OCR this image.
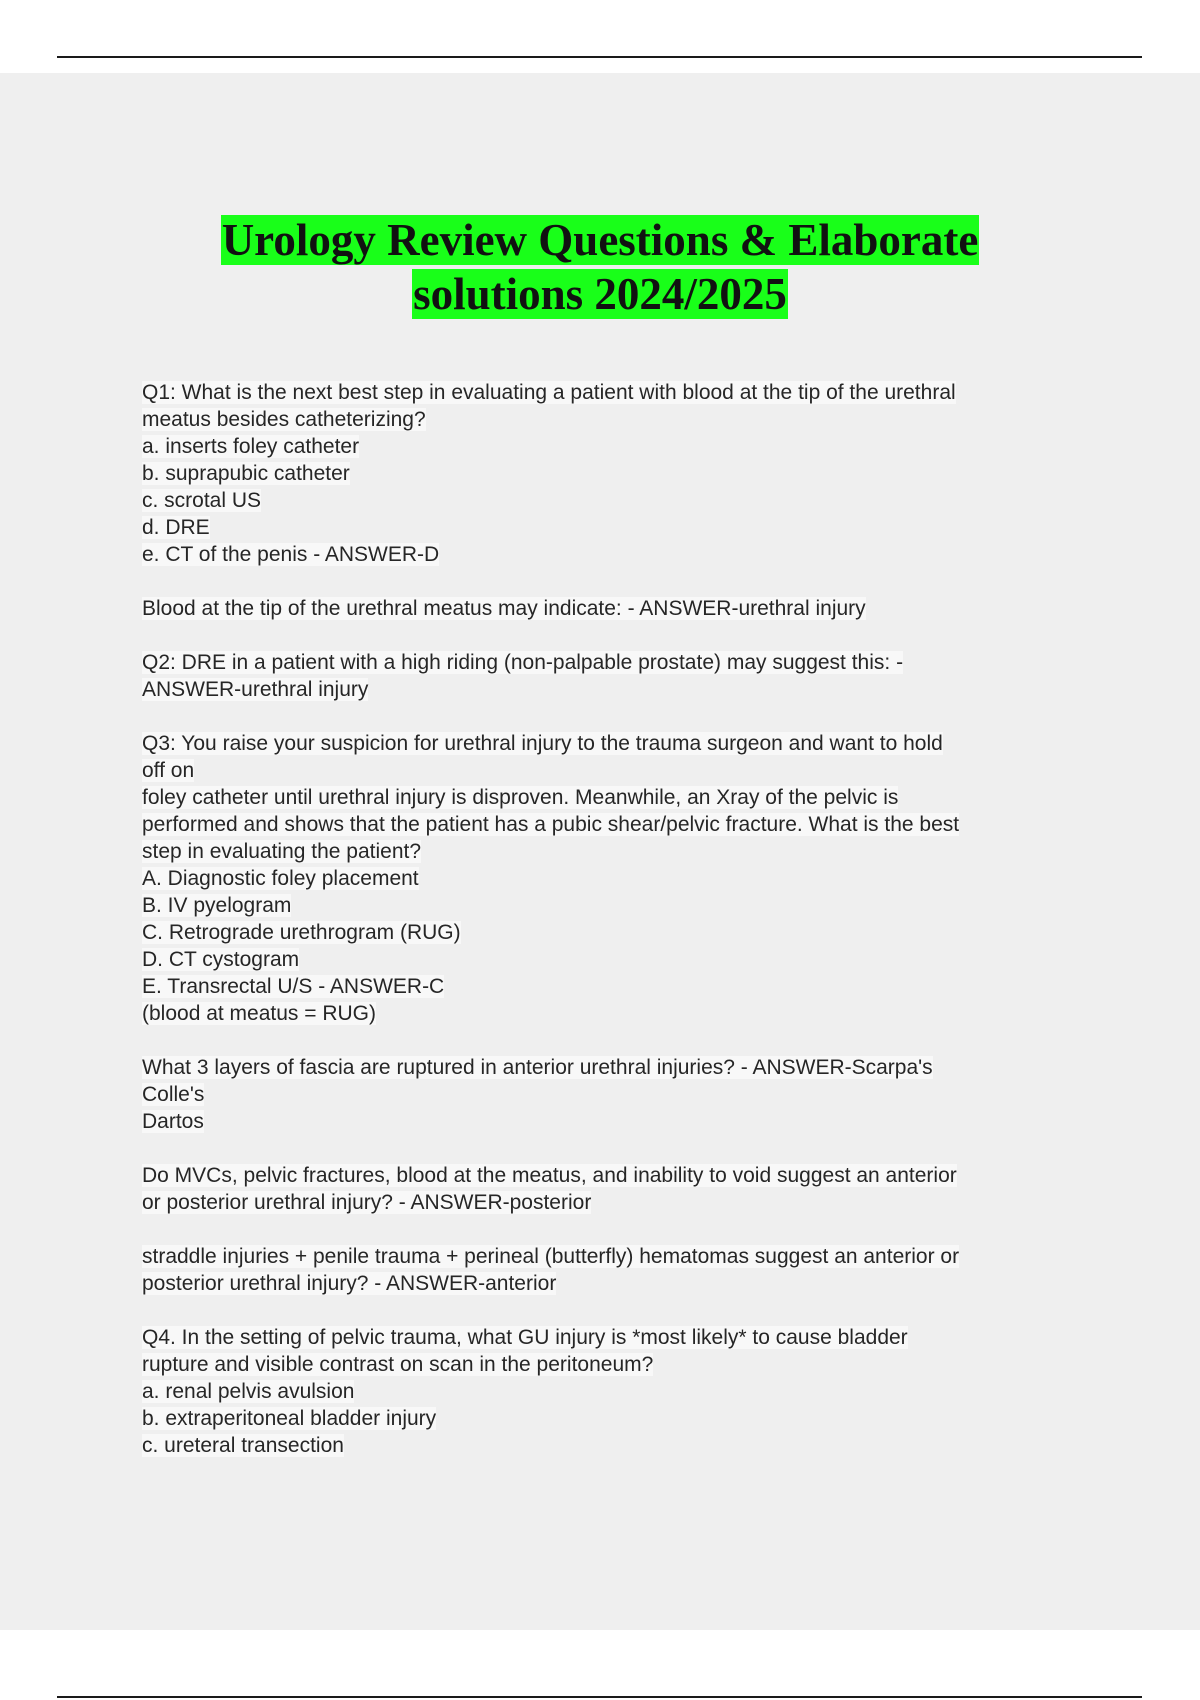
Urology Review Questions & Elaborate
solutions 2024/2025
Q1: What is the next best step in evaluating a patient with blood at the tip of the urethral
meatus besides catheterizing?
a. inserts foley catheter
b. suprapubic catheter
c. scrotal US
d. DRE
e. CT of the penis - ANSWER-D
Blood at the tip of the urethral meatus may indicate: - ANSWER-urethral injury
Q2: DRE in a patient with a high riding (non-palpable prostate) may suggest this: -
ANSWER-urethral injury
Q3: You raise your suspicion for urethral injury to the trauma surgeon and want to hold
off on
foley catheter until urethral injury is disproven. Meanwhile, an Xray of the pelvic is
performed and shows that the patient has a pubic shear/pelvic fracture. What is the best
step in evaluating the patient?
A. Diagnostic foley placement
B. IV pyelogram
C. Retrograde urethrogram (RUG)
D. CT cystogram
E. Transrectal U/S - ANSWER-C
(blood at meatus = RUG)
What 3 layers of fascia are ruptured in anterior urethral injuries? - ANSWER-Scarpa's
Colle's
Dartos
Do MVCs, pelvic fractures, blood at the meatus, and inability to void suggest an anterior
or posterior urethral injury? - ANSWER-posterior
straddle injuries + penile trauma + perineal (butterfly) hematomas suggest an anterior or
posterior urethral injury? - ANSWER-anterior
Q4. In the setting of pelvic trauma, what GU injury is *most likely* to cause bladder
rupture and visible contrast on scan in the peritoneum?
a. renal pelvis avulsion
b. extraperitoneal bladder injury
c. ureteral transection
